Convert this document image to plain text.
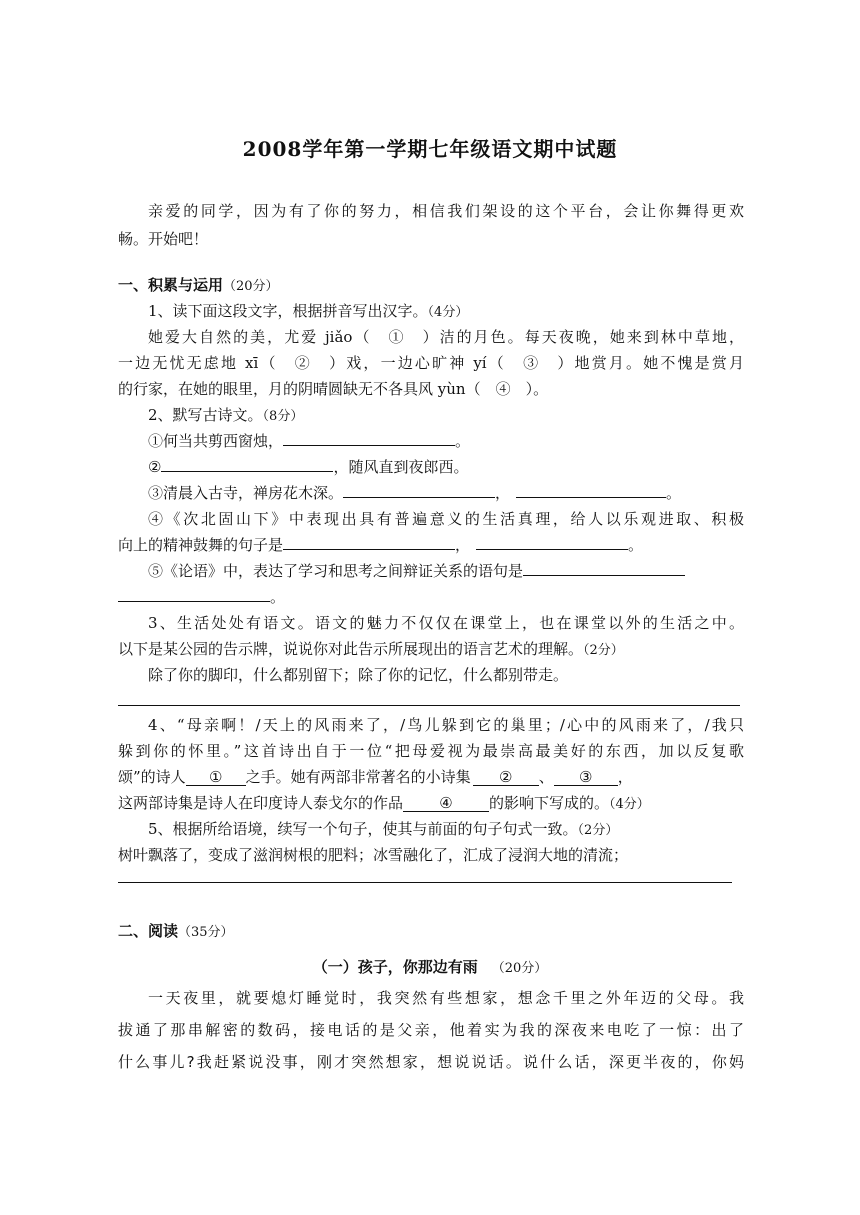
2008学年第一学期七年级语文期中试题
亲爱的同学，因为有了你的努力，相信我们架设的这个平台，会让你舞得更欢
畅。开始吧！
一、积累与运用（20分）
1、读下面这段文字，根据拼音写出汉字。（4分）
她爱大自然的美，尤爱 jiǎo（　①　）洁的月色。每天夜晚，她来到林中草地，
一边无忧无虑地 xī（　②　）戏，一边心旷神 yí（　③　）地赏月。她不愧是赏月
的行家，在她的眼里，月的阴晴圆缺无不各具风 yùn（　④　）。
2、默写古诗文。（8分）
①何当共剪西窗烛，	。
②	，随风直到夜郎西。
③清晨入古寺，禅房花木深。	，	。
④《次北固山下》中表现出具有普遍意义的生活真理，给人以乐观进取、积极
向上的精神鼓舞的句子是	，	。
⑤《论语》中，表达了学习和思考之间辩证关系的语句是
。
3、生活处处有语文。语文的魅力不仅仅在课堂上，也在课堂以外的生活之中。
以下是某公园的告示牌，说说你对此告示所展现出的语言艺术的理解。（2分）
除了你的脚印，什么都别留下；除了你的记忆，什么都别带走。
4、“母亲啊！/天上的风雨来了，/鸟儿躲到它的巢里；/心中的风雨来了，/我只
躲到你的怀里。”这首诗出自于一位“把母爱视为最崇高最美好的东西，加以反复歌
颂”的诗人 ① 之手。她有两部非常著名的小诗集 ② 、 ③ ，
这两部诗集是诗人在印度诗人泰戈尔的作品 ④ 的影响下写成的。（4分）
5、根据所给语境，续写一个句子，使其与前面的句子句式一致。（2分）
树叶飘落了，变成了滋润树根的肥料；冰雪融化了，汇成了浸润大地的清流；
二、阅读（35分）
（一）孩子，你那边有雨 （20分）
一天夜里，就要熄灯睡觉时，我突然有些想家，想念千里之外年迈的父母。我
拔通了那串解密的数码，接电话的是父亲，他着实为我的深夜来电吃了一惊：出了
什么事儿?我赶紧说没事，刚才突然想家，想说说话。说什么话，深更半夜的，你妈
